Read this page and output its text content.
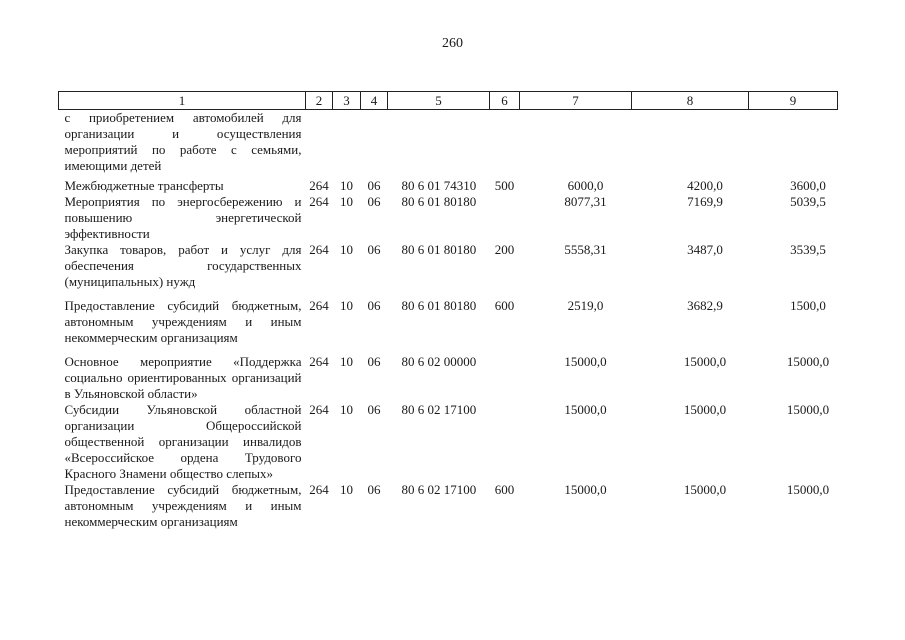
260
1	2	3	4	5	6	7	8	9
с приобретением автомобилей для организации и осуществления мероприятий по работе с семьями, имеющими детей								
Межбюджетные трансферты	264	10	06	80 6 01 74310	500	6000,0	4200,0	3600,0
Мероприятия по энергосбережению и повышению энергетической эффективности	264	10	06	80 6 01 80180		8077,31	7169,9	5039,5
Закупка товаров, работ и услуг для обеспечения государственных (муниципальных) нужд	264	10	06	80 6 01 80180	200	5558,31	3487,0	3539,5
Предоставление субсидий бюджетным, автономным учреждениям и иным некоммерческим организациям	264	10	06	80 6 01 80180	600	2519,0	3682,9	1500,0
Основное мероприятие «Поддержка социально ориентированных организаций в Ульяновской области»	264	10	06	80 6 02 00000		15000,0	15000,0	15000,0
Субсидии Ульяновской областной организации Общероссийской общественной организации инвалидов «Всероссийское ордена Трудового Красного Знамени общество слепых»	264	10	06	80 6 02 17100		15000,0	15000,0	15000,0
Предоставление субсидий бюджетным, автономным учреждениям и иным некоммерческим организациям	264	10	06	80 6 02 17100	600	15000,0	15000,0	15000,0
